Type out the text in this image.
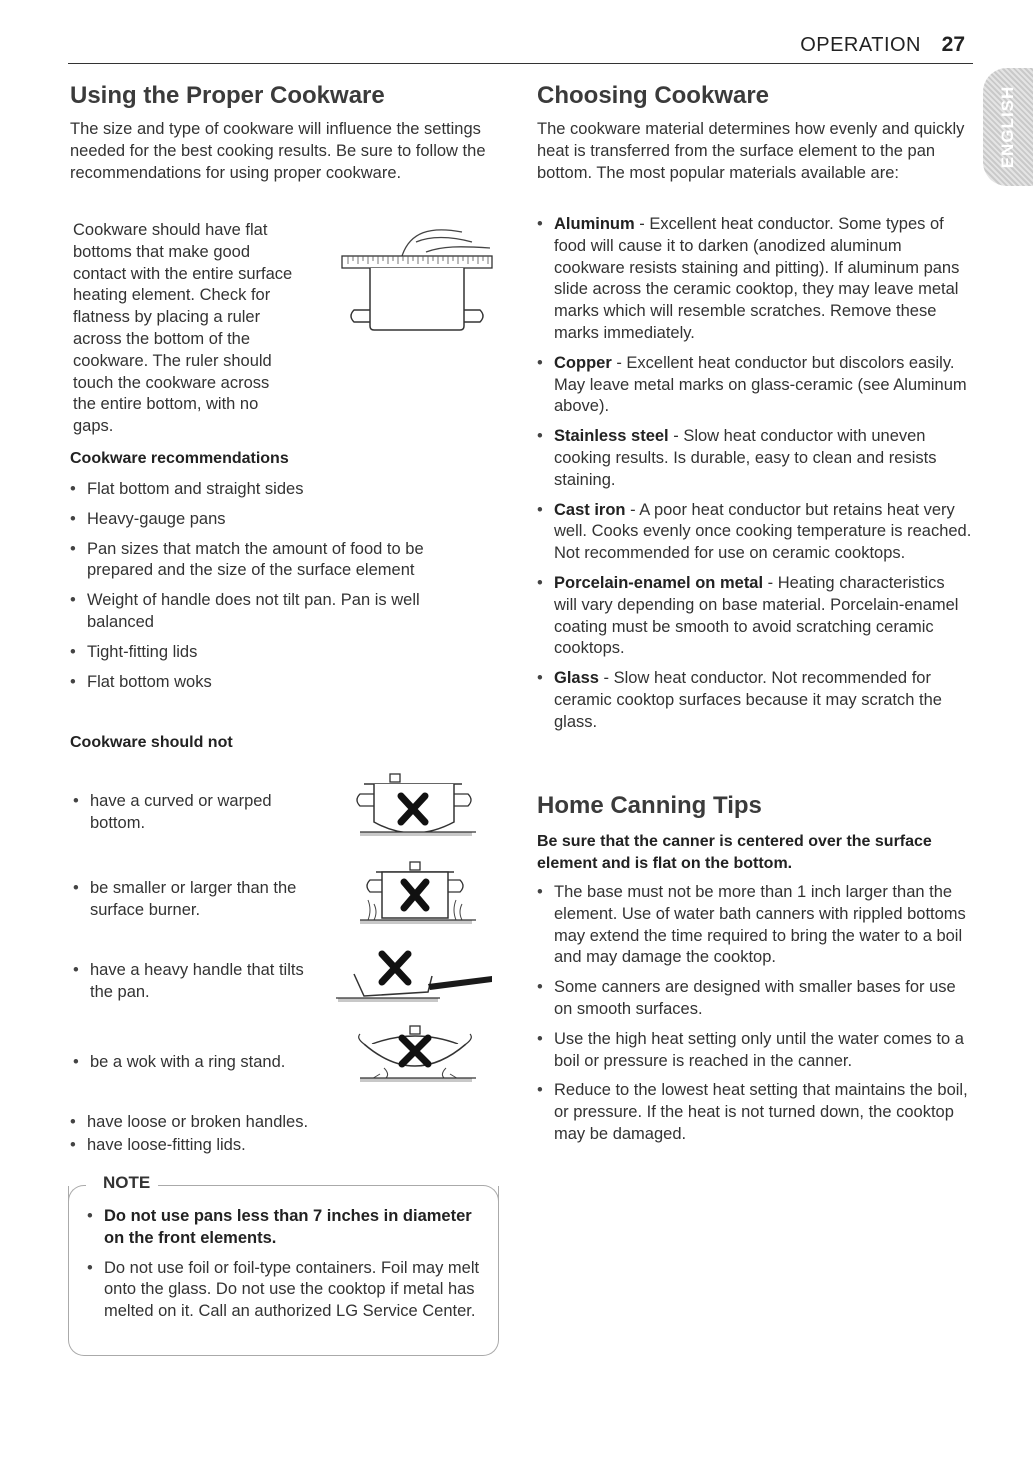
OPERATION 27
ENGLISH
Using the Proper Cookware
The size and type of cookware will influence the settings needed for the best cooking results. Be sure to follow the recommendations for using proper cookware.
Cookware should have flat
bottoms that make good
contact with the entire surface
heating element. Check for
flatness by placing a ruler
across the bottom of the
cookware. The ruler should
touch the cookware across
the entire bottom, with no
gaps.
Cookware recommendations
• Flat bottom and straight sides
• Heavy-gauge pans
• Pan sizes that match the amount of food to be prepared and the size of the surface element
• Weight of handle does not tilt pan. Pan is well balanced
• Tight-fitting lids
• Flat bottom woks
Cookware should not
• have a curved or warped bottom.
• be smaller or larger than the surface burner.
• have a heavy handle that tilts the pan.
• be a wok with a ring stand.
• have loose or broken handles.
• have loose-fitting lids.
NOTE
• Do not use pans less than 7 inches in diameter on the front elements.
• Do not use foil or foil-type containers. Foil may melt onto the glass. Do not use the cooktop if metal has melted on it. Call an authorized LG Service Center.
Choosing Cookware
The cookware material determines how evenly and quickly heat is transferred from the surface element to the pan bottom. The most popular materials available are:
• Aluminum - Excellent heat conductor. Some types of food will cause it to darken (anodized aluminum cookware resists staining and pitting). If aluminum pans slide across the ceramic cooktop, they may leave metal marks which will resemble scratches. Remove these marks immediately.
• Copper - Excellent heat conductor but discolors easily. May leave metal marks on glass-ceramic (see Aluminum above).
• Stainless steel - Slow heat conductor with uneven cooking results. Is durable, easy to clean and resists staining.
• Cast iron - A poor heat conductor but retains heat very well. Cooks evenly once cooking temperature is reached. Not recommended for use on ceramic cooktops.
• Porcelain-enamel on metal - Heating characteristics will vary depending on base material. Porcelain-enamel coating must be smooth to avoid scratching ceramic cooktops.
• Glass - Slow heat conductor. Not recommended for ceramic cooktop surfaces because it may scratch the glass.
Home Canning Tips
Be sure that the canner is centered over the surface element and is flat on the bottom.
• The base must not be more than 1 inch larger than the element. Use of water bath canners with rippled bottoms may extend the time required to bring the water to a boil and may damage the cooktop.
• Some canners are designed with smaller bases for use on smooth surfaces.
• Use the high heat setting only until the water comes to a boil or pressure is reached in the canner.
• Reduce to the lowest heat setting that maintains the boil, or pressure. If the heat is not turned down, the cooktop may be damaged.
